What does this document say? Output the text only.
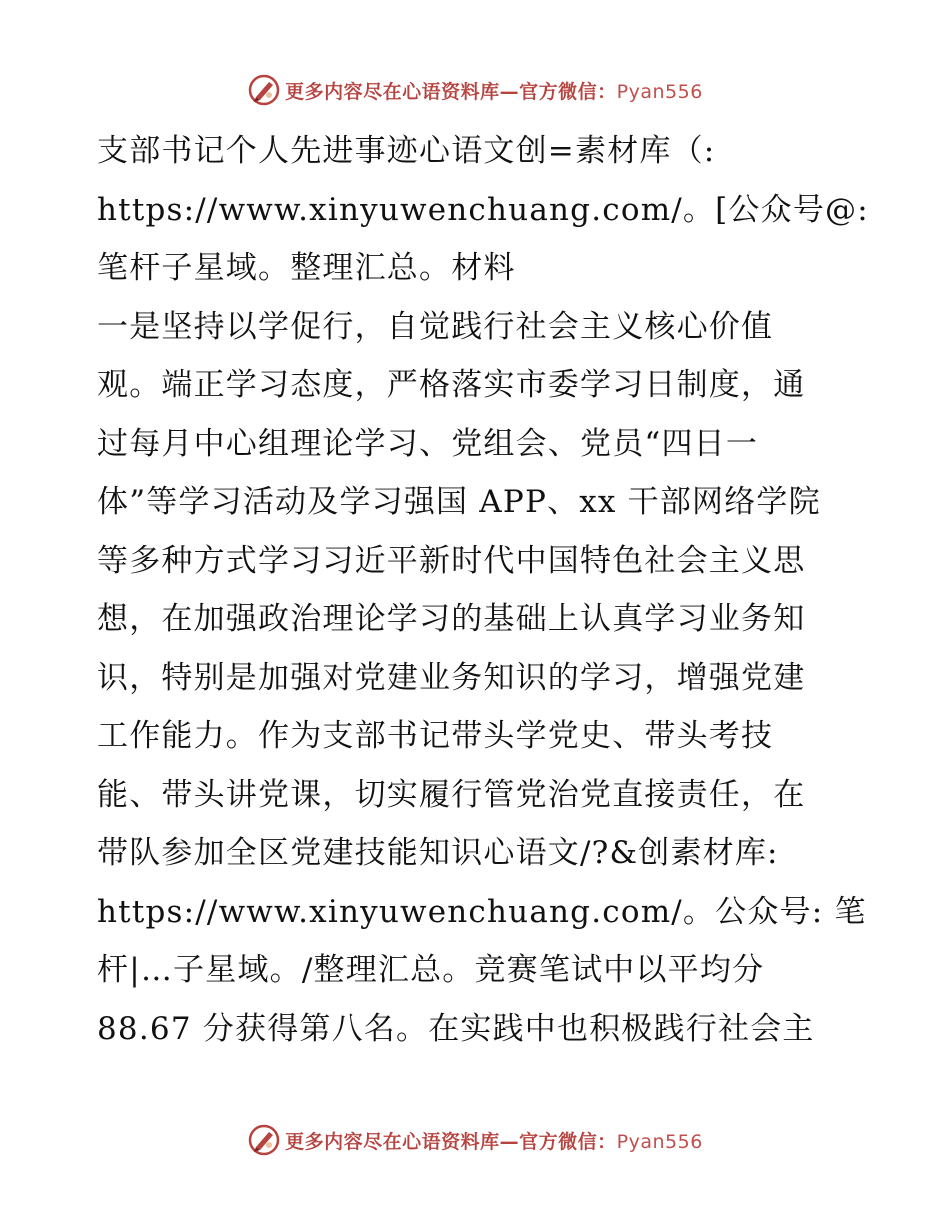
更多内容尽在心语资料库—官方微信：Pyan556

支部书记个人先进事迹心语文创=素材库（:
https://www.xinyuwenchuang.com/。[公众号@:
笔杆子星域。整理汇总。材料

一是坚持以学促行，自觉践行社会主义核心价值
观。端正学习态度，严格落实市委学习日制度，通
过每月中心组理论学习、党组会、党员“四日一
体”等学习活动及学习强国 APP、xx 干部网络学院
等多种方式学习习近平新时代中国特色社会主义思
想，在加强政治理论学习的基础上认真学习业务知
识，特别是加强对党建业务知识的学习，增强党建
工作能力。作为支部书记带头学党史、带头考技
能、带头讲党课，切实履行管党治党直接责任，在
带队参加全区党建技能知识心语文/?&创素材库:
https://www.xinyuwenchuang.com/。公众号: 笔
杆|…子星域。/整理汇总。竞赛笔试中以平均分
88.67 分获得第八名。在实践中也积极践行社会主

更多内容尽在心语资料库—官方微信：Pyan556
